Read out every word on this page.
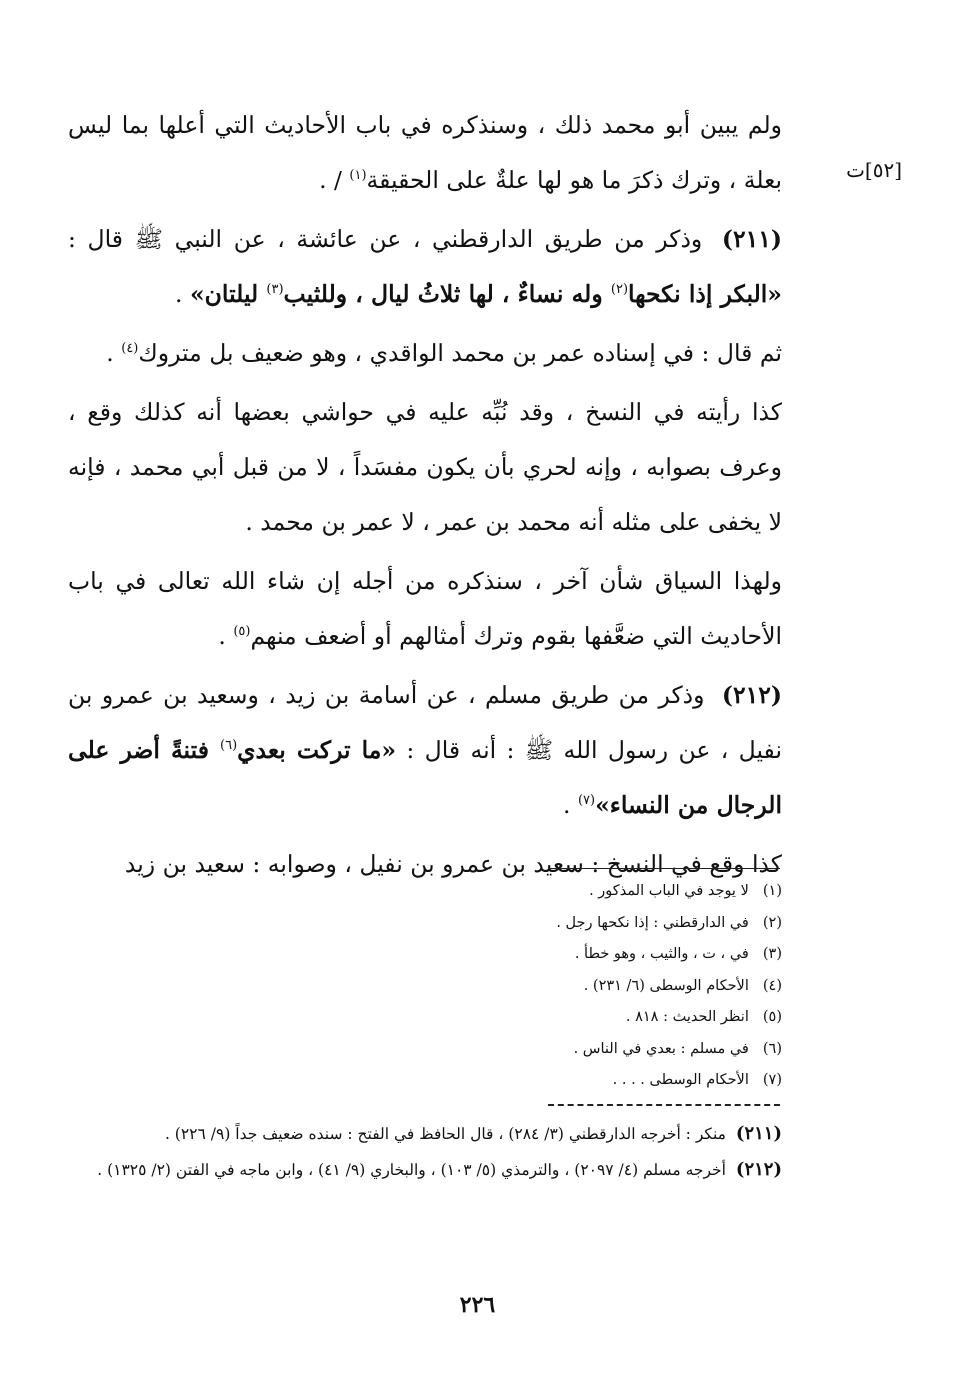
[٥٢]ت

ولم يبين أبو محمد ذلك ، وسنذكره في باب الأحاديث التي أعلها بما ليس بعلة ، وترك ذكرَ ما هو لها علةٌ على الحقيقة$^{(١)}$ / .

(٢١١) وذكر من طريق الدارقطني ، عن عائشة ، عن النبي ﷺ قال : «البكر إذا نكحها$^{(٢)}$ وله نساءٌ ، لها ثلاثُ ليال ، وللثيب$^{(٣)}$ ليلتان» .

ثم قال : في إسناده عمر بن محمد الواقدي ، وهو ضعيف بل متروك$^{(٤)}$ .

كذا رأيته في النسخ ، وقد نُبِّه عليه في حواشي بعضها أنه كذلك وقع ، وعرف بصوابه ، وإنه لحري بأن يكون مفسَداً ، لا من قبل أبي محمد ، فإنه لا يخفى على مثله أنه محمد بن عمر ، لا عمر بن محمد .

ولهذا السياق شأن آخر ، سنذكره من أجله إن شاء الله تعالى في باب الأحاديث التي ضعَّفها بقوم وترك أمثالهم أو أضعف منهم$^{(٥)}$ .

(٢١٢) وذكر من طريق مسلم ، عن أسامة بن زيد ، وسعيد بن عمرو بن نفيل ، عن رسول الله ﷺ : أنه قال : «ما تركت بعدي$^{(٦)}$ فتنةً أضر على الرجال من النساء»$^{(٧)}$ .

كذا وقع في النسخ : سعيد بن عمرو بن نفيل ، وصوابه : سعيد بن زيد

(١)لا يوجد في الباب المذكور .
(٢)في الدارقطني : إذا نكحها رجل .
(٣)في ، ت ، والثيب ، وهو خطأ .
(٤)الأحكام الوسطى (٦/ ٢٣١) .
(٥)انظر الحديث : ٨١٨ .
(٦)في مسلم : بعدي في الناس .
(٧)الأحكام الوسطى . . . .
(٢١١)منكر : أخرجه الدارقطني (٣/ ٢٨٤) ، قال الحافظ في الفتح : سنده ضعيف جداً (٩/ ٢٢٦) .
(٢١٢)أخرجه مسلم (٤/ ٢٠٩٧) ، والترمذي (٥/ ١٠٣) ، والبخاري (٩/ ٤١) ، وابن ماجه في الفتن (٢/ ١٣٢٥) .
٢٢٦
